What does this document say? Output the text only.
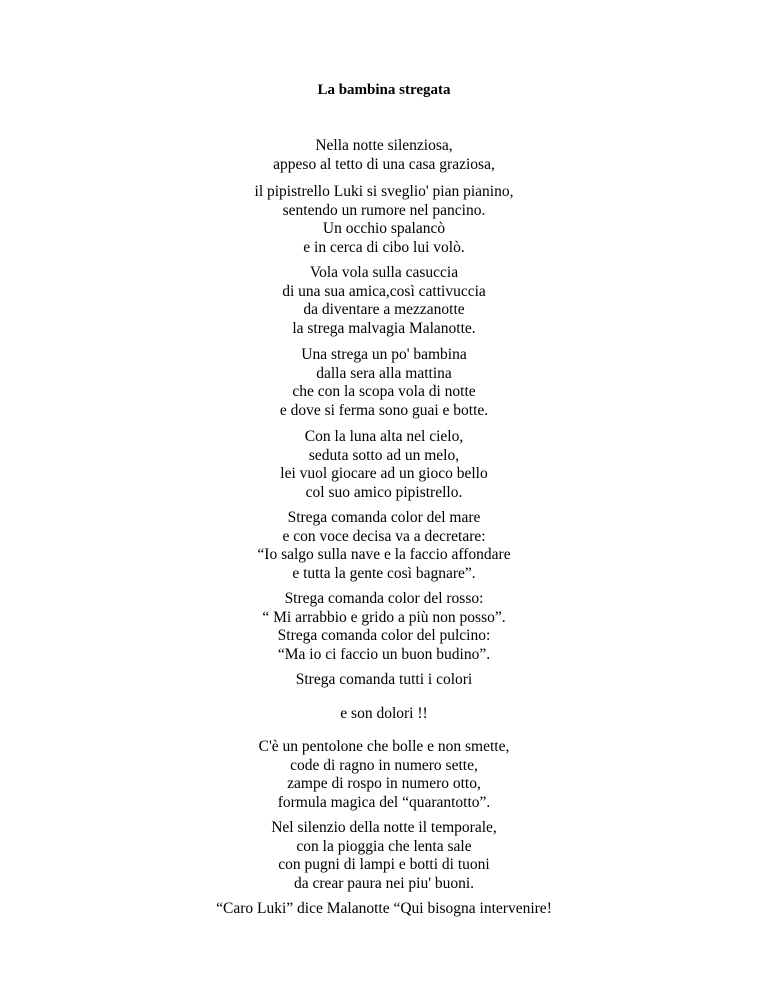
La bambina stregata
Nella notte silenziosa,
appeso al tetto di una casa graziosa,
il pipistrello Luki si sveglio' pian pianino,
sentendo un rumore nel pancino.
Un occhio spalancò
e in cerca di cibo lui volò.
Vola vola sulla casuccia
di una sua amica,così cattivuccia
da diventare a mezzanotte
la strega malvagia Malanotte.
Una strega un po' bambina
dalla sera alla mattina
che con la scopa vola di notte
e dove si ferma sono guai e botte.
Con la luna alta nel cielo,
seduta sotto ad un melo,
lei vuol giocare ad un gioco bello
col suo amico pipistrello.
Strega comanda color del mare
e con voce decisa va a decretare:
“Io salgo sulla nave e la faccio affondare
e tutta la gente così bagnare”.
Strega comanda color del rosso:
“ Mi arrabbio e grido a più non posso”.
Strega comanda color del pulcino:
“Ma io ci faccio un buon budino”.
Strega comanda tutti i colori
e son dolori !!
C'è un pentolone che bolle e non smette,
code di ragno in numero sette,
zampe di rospo in numero otto,
formula magica del “quarantotto”.
Nel silenzio della notte il temporale,
con la pioggia che lenta sale
con pugni di lampi e botti di tuoni
da crear paura nei piu' buoni.
“Caro Luki” dice Malanotte “Qui bisogna intervenire!
